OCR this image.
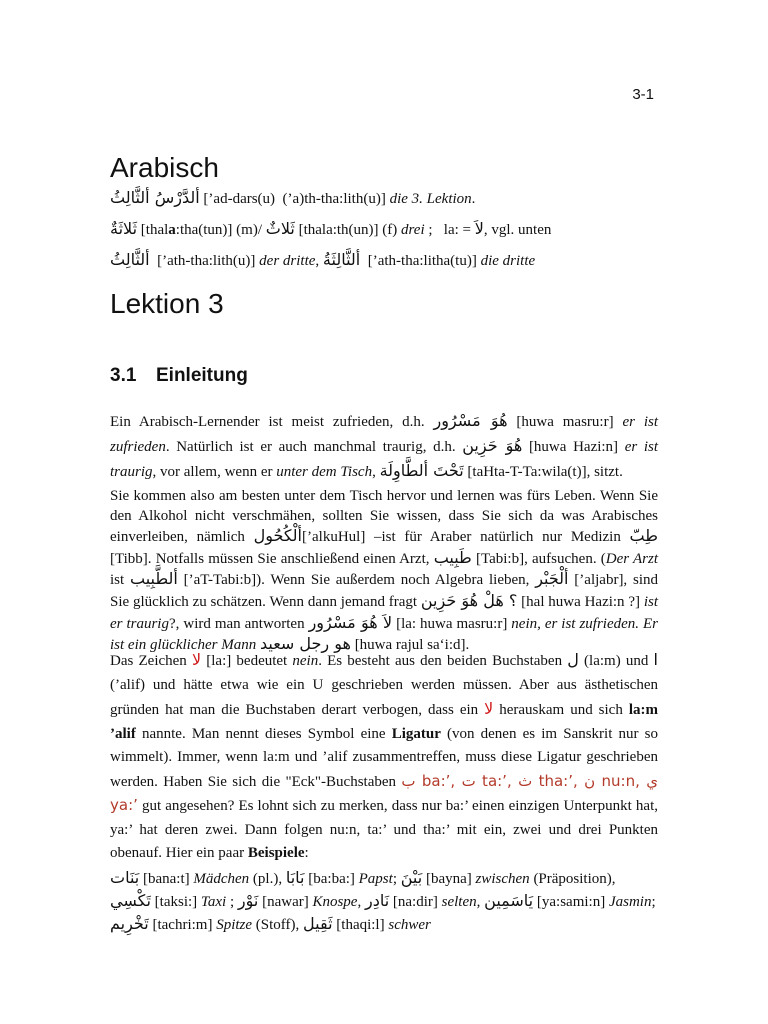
3-1
Arabisch
ألدَّرْسُ ألثَّالِثُ [’ad-dars(u)  (’a)th-tha:lith(u)] die 3. Lektion.
ثَلاثَةٌ [thala:tha(tun)] (m)/ ثَلاثٌ [thala:th(un)] (f) drei ;   la: = لاَ, vgl. unten
ألثَّالِثُ  [’ath-tha:lith(u)] der dritte, ألثَّالِثَةُ  [’ath-tha:litha(tu)] die dritte
Lektion 3
3.1 Einleitung
Ein Arabisch-Lernender ist meist zufrieden, d.h. هُوَ مَسْرُور [huwa masru:r] er ist zufrieden. Natürlich ist er auch manchmal traurig, d.h. هُوَ حَزِين [huwa Hazi:n] er ist traurig, vor allem, wenn er unter dem Tisch, تَحْتَ ألطَّاوِلَة [taHta-T-Ta:wila(t)], sitzt.
Sie kommen also am besten unter dem Tisch hervor und lernen was fürs Leben. Wenn Sie den Alkohol nicht verschmähen, sollten Sie wissen, dass Sie sich da was Arabisches einverleiben, nämlich ألْكُحُول[’alkuHul] –ist für Araber natürlich nur Medizin طِبّ [Tibb]. Notfalls müssen Sie anschließend einen Arzt, طَبِيب [Tabi:b], aufsuchen. (Der Arzt ist ألطَّبِيب [’aT-Tabi:b]). Wenn Sie außerdem noch Algebra lieben, ألْجَبْر [’aljabr], sind Sie glücklich zu schätzen. Wenn dann jemand fragt ؟ هَلْ هُوَ حَزِين [hal huwa Hazi:n ?] ist er traurig?, wird man antworten لاَ هُوَ مَسْرُور [la: huwa masru:r] nein, er ist zufrieden. Er ist ein glücklicher Mann هو رجل سعيد [huwa rajul sa‘i:d].
Das Zeichen لا [la:] bedeutet nein. Es besteht aus den beiden Buchstaben ل (la:m) und ا (’alif) und hätte etwa wie ein U geschrieben werden müssen. Aber aus ästhetischen gründen hat man die Buchstaben derart verbogen, dass ein لا herauskam und sich la:m ’alif nannte. Man nennt dieses Symbol eine Ligatur (von denen es im Sanskrit nur so wimmelt). Immer, wenn la:m und ’alif zusammentreffen, muss diese Ligatur geschrieben werden. Haben Sie sich die "Eck"-Buchstaben ب ba:’, ت ta:’, ث tha:’, ن nu:n, ي ya:’ gut angesehen? Es lohnt sich zu merken, dass nur ba:’ einen einzigen Unterpunkt hat, ya:’ hat deren zwei. Dann folgen nu:n, ta:’ und tha:’ mit ein, zwei und drei Punkten obenauf. Hier ein paar Beispiele:
بَنَات [bana:t] Mädchen (pl.), بَابَا [ba:ba:] Papst; بَيْنَ [bayna] zwischen (Präposition), تَكْسِي [taksi:] Taxi ; نَوْر [nawar] Knospe, نَادِر [na:dir] selten, يَاسَمِين [ya:sami:n] Jasmin; تَخْرِيم [tachri:m] Spitze (Stoff), ثَقِيل [thaqi:l] schwer
